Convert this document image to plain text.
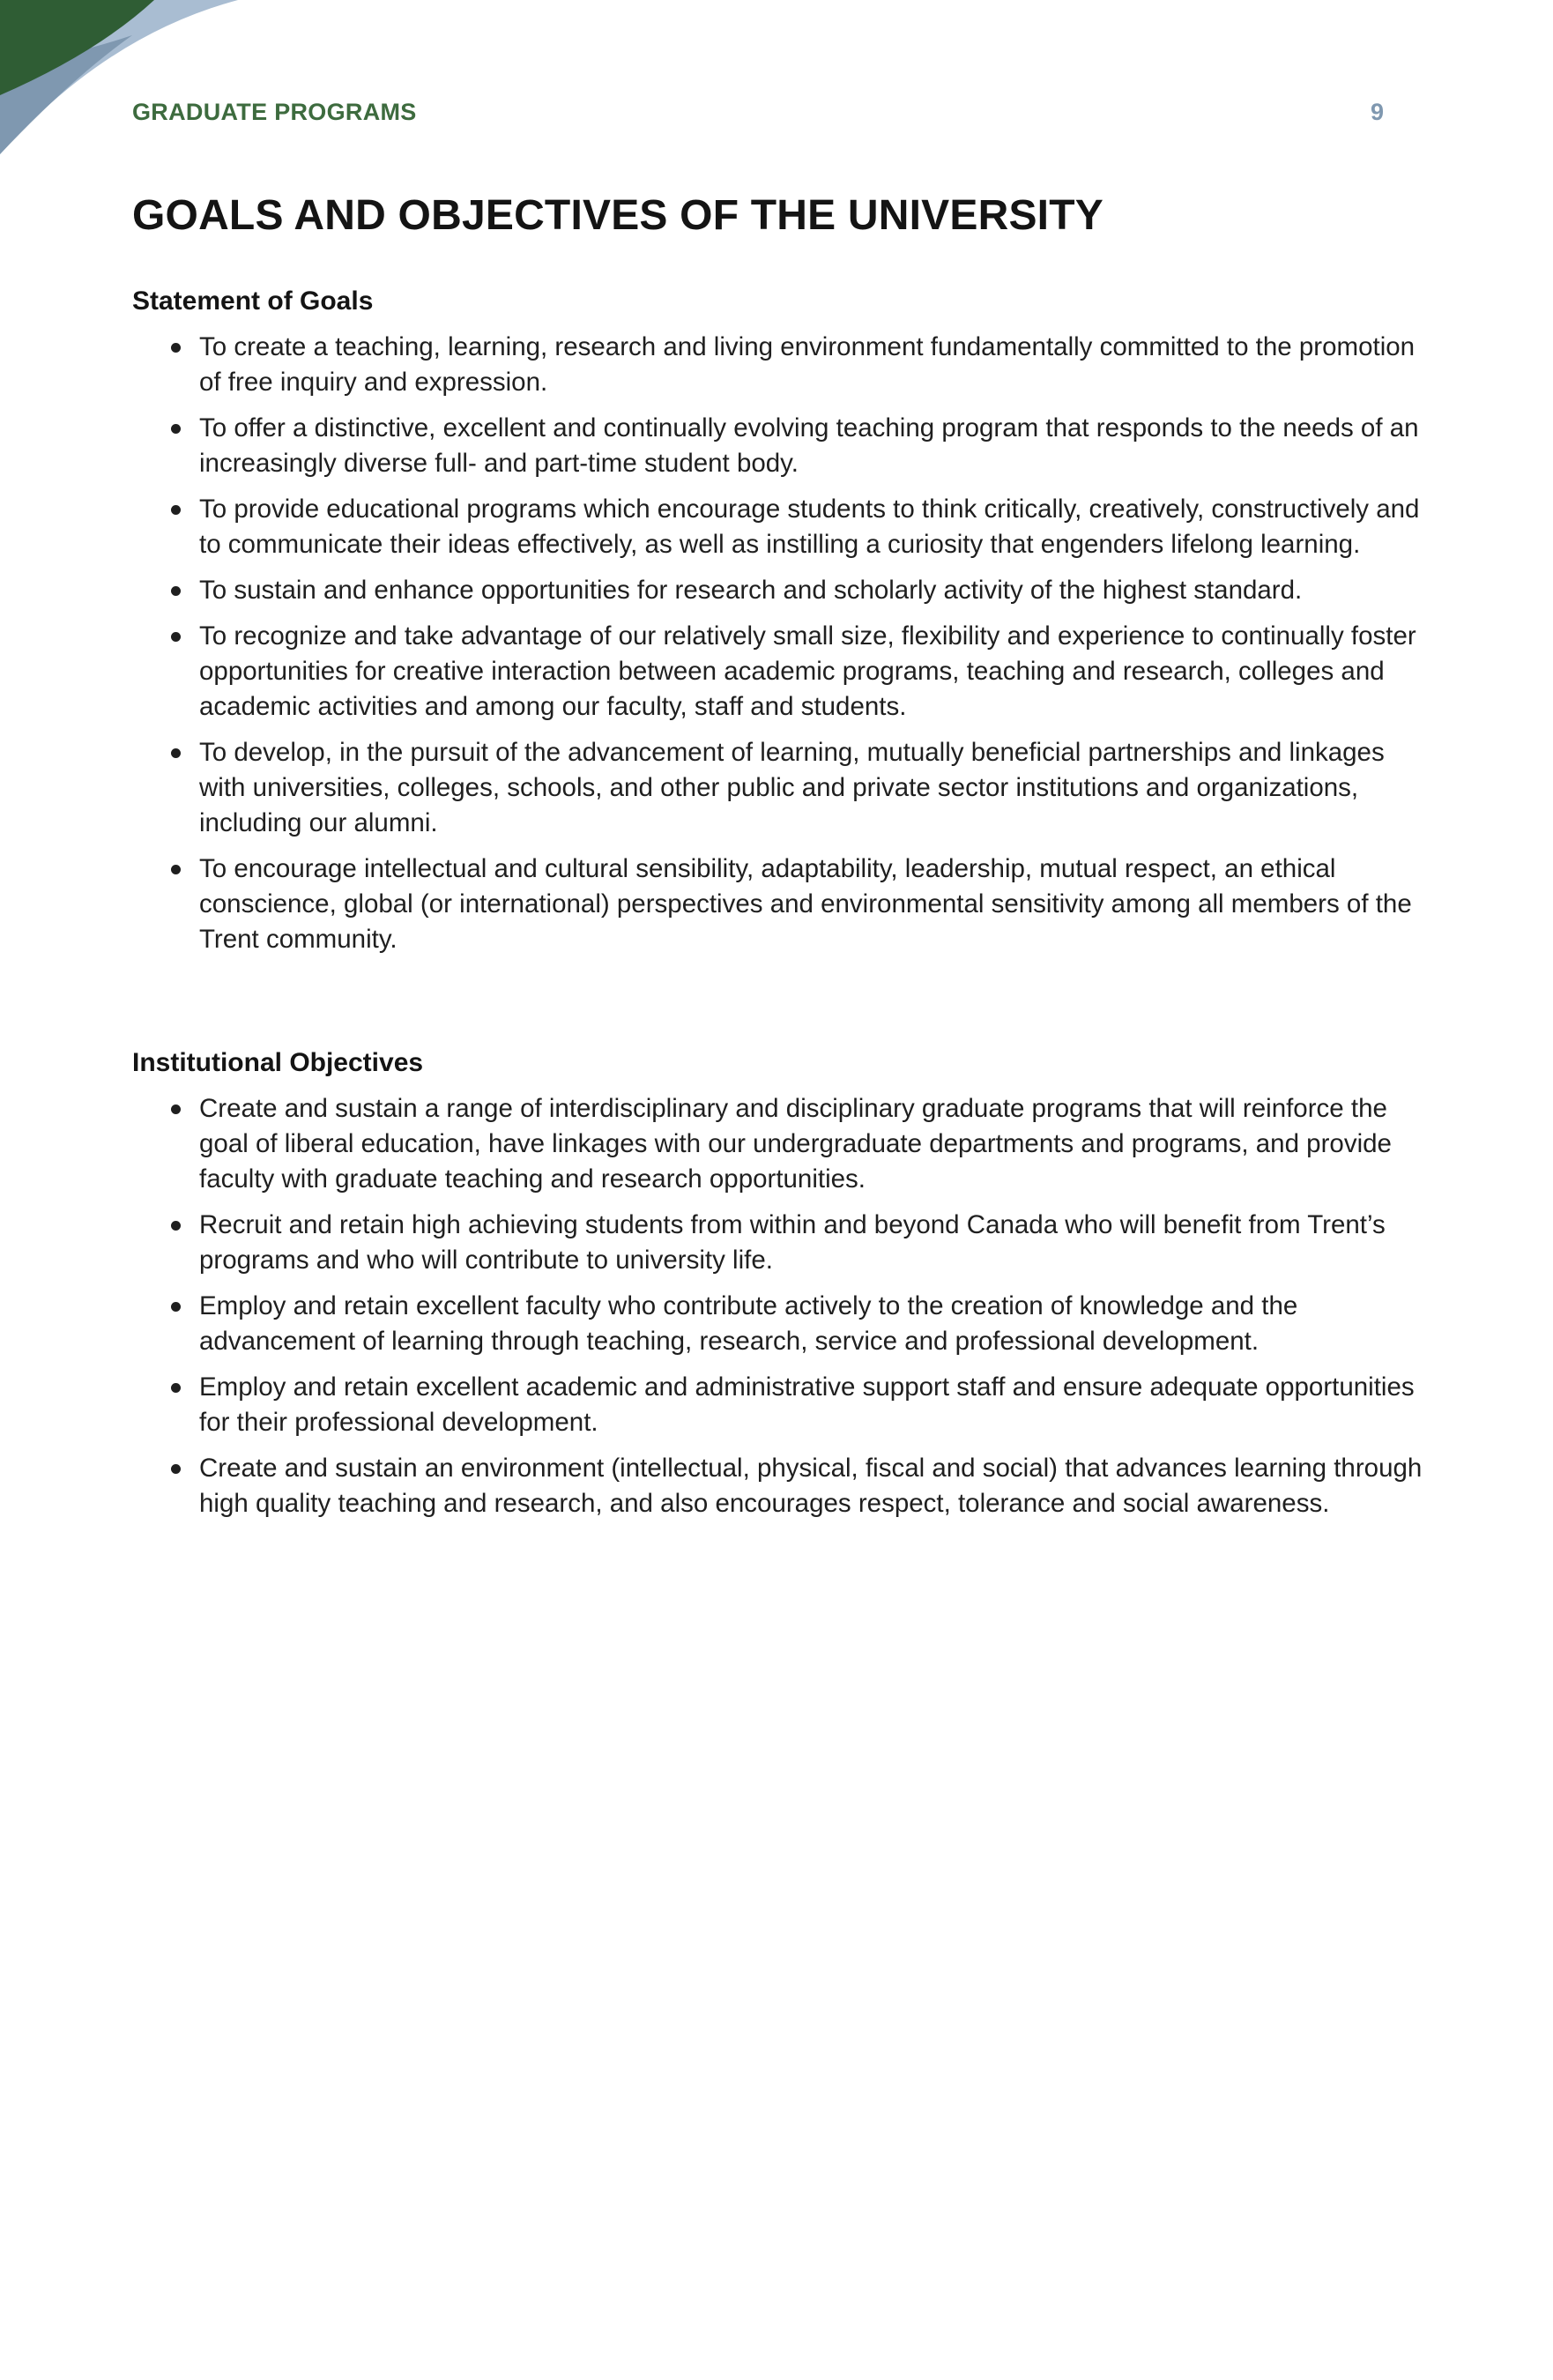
GRADUATE PROGRAMS	9
GOALS AND OBJECTIVES OF THE UNIVERSITY
Statement of Goals
To create a teaching, learning, research and living environment fundamentally committed to the promotion of free inquiry and expression.
To offer a distinctive, excellent and continually evolving teaching program that responds to the needs of an increasingly diverse full- and part-time student body.
To provide educational programs which encourage students to think critically, creatively, constructively and to communicate their ideas effectively, as well as instilling a curiosity that engenders lifelong learning.
To sustain and enhance opportunities for research and scholarly activity of the highest standard.
To recognize and take advantage of our relatively small size, flexibility and experience to continually foster opportunities for creative interaction between academic programs, teaching and research, colleges and academic activities and among our faculty, staff and students.
To develop, in the pursuit of the advancement of learning, mutually beneficial partnerships and linkages with universities, colleges, schools, and other public and private sector institutions and organizations, including our alumni.
To encourage intellectual and cultural sensibility, adaptability, leadership, mutual respect, an ethical conscience, global (or international) perspectives and environmental sensitivity among all members of the Trent community.
Institutional Objectives
Create and sustain a range of interdisciplinary and disciplinary graduate programs that will reinforce the goal of liberal education, have linkages with our undergraduate departments and programs, and provide faculty with graduate teaching and research opportunities.
Recruit and retain high achieving students from within and beyond Canada who will benefit from Trent’s programs and who will contribute to university life.
Employ and retain excellent faculty who contribute actively to the creation of knowledge and the advancement of learning through teaching, research, service and professional development.
Employ and retain excellent academic and administrative support staff and ensure adequate opportunities for their professional development.
Create and sustain an environment (intellectual, physical, fiscal and social) that advances learning through high quality teaching and research, and also encourages respect, tolerance and social awareness.
